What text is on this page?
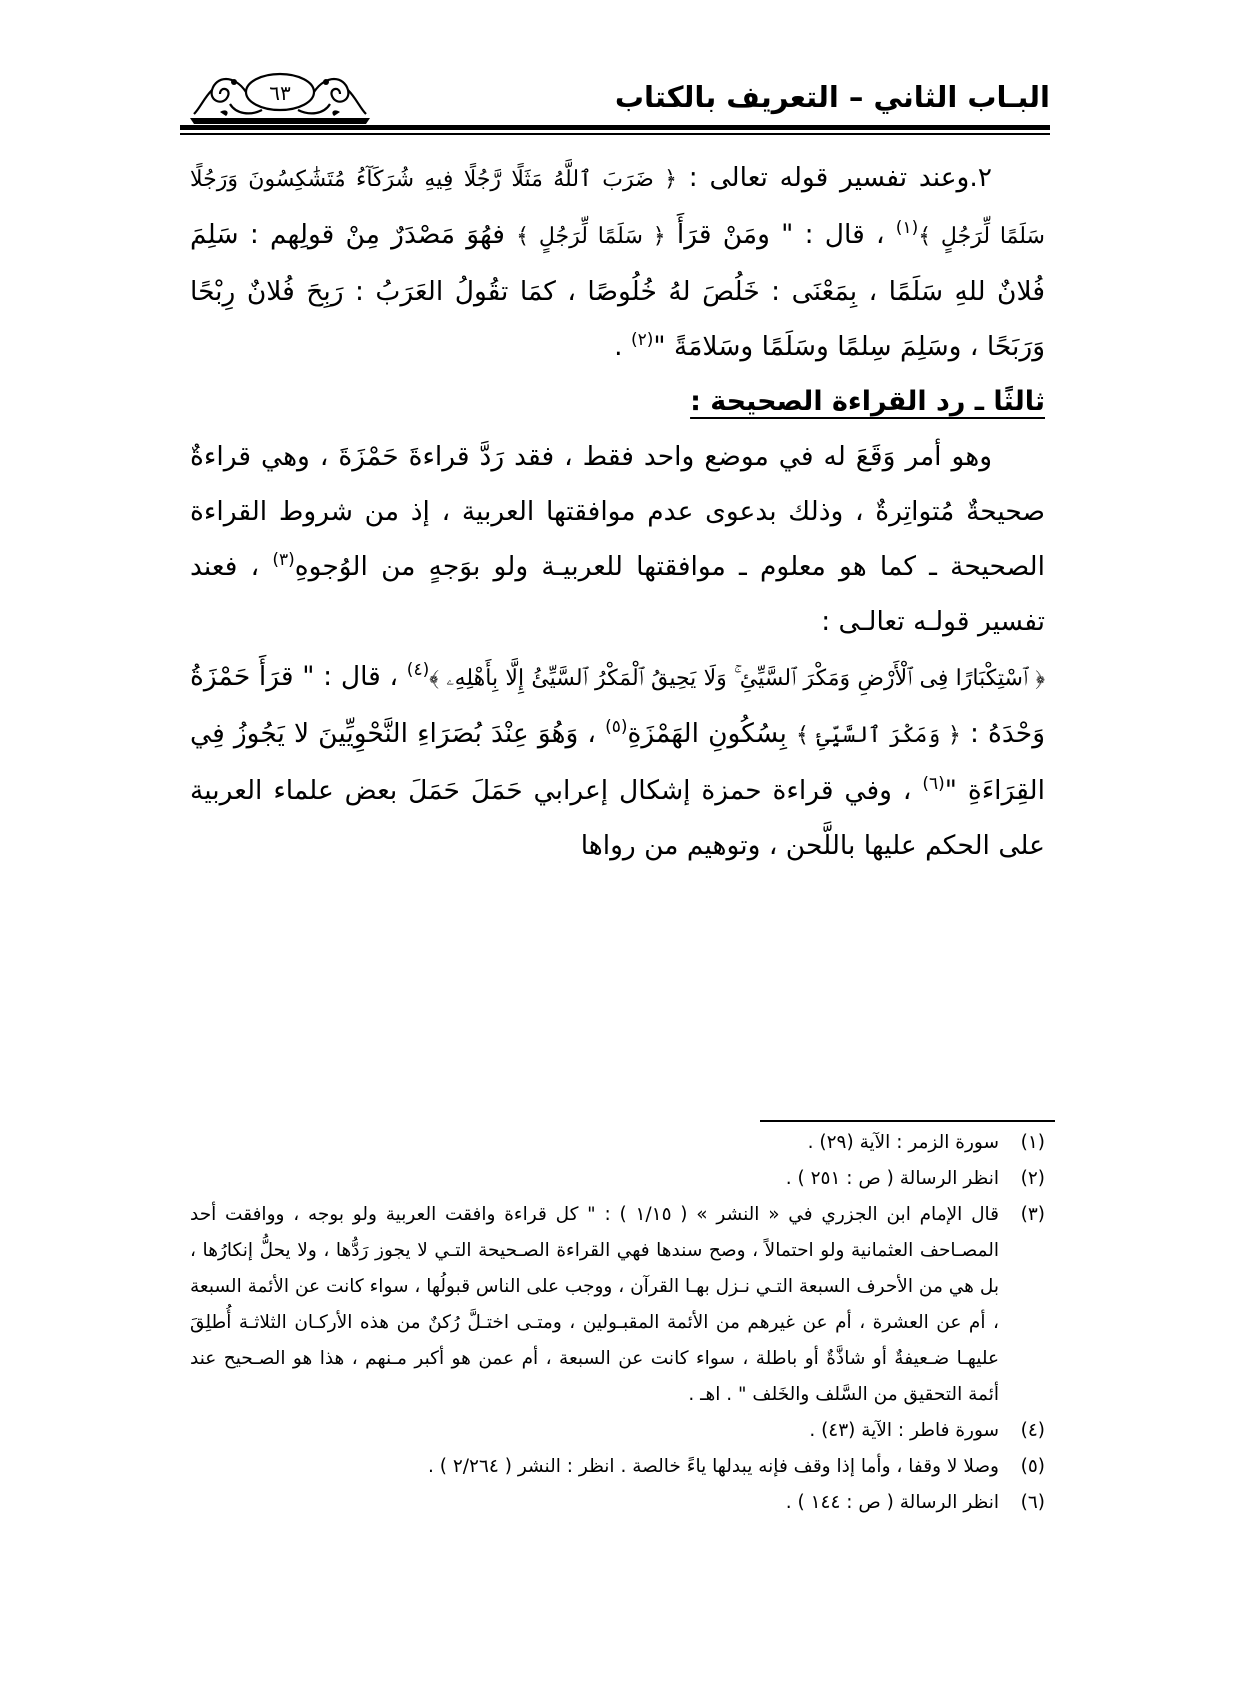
البـاب الثاني – التعريف بالكتاب
٦٣

  ٢.وعند تفسير قوله تعالى : ﴿ ضَرَبَ ٱللَّهُ مَثَلًا رَّجُلًا فِيهِ شُرَكَآءُ مُتَشَٰكِسُونَ وَرَجُلًا سَلَمًا لِّرَجُلٍ ﴾$^{(١)}$ ، قال : " ومَنْ قرَأَ ﴿ سَلَمًا لِّرَجُلٍ ﴾ فهُوَ مَصْدَرٌ مِنْ قولِهم : سَلِمَ فُلانٌ للهِ سَلَمًا ، بِمَعْنَى : خَلُصَ لهُ خُلُوصًا ، كمَا تقُولُ العَرَبُ : رَبِحَ فُلانٌ رِبْحًا وَرَبَحًا ، وسَلِمَ سِلمًا وسَلَمًا وسَلامَةً "$^{(٢)}$ .

ثالثًا ـ رد القراءة الصحيحة :

  وهو أمر وَقَعَ له في موضع واحد فقط ، فقد رَدَّ قراءةَ حَمْزَةَ ، وهي قراءةٌ صحيحةٌ مُتواتِرةٌ ، وذلك بدعوى عدم موافقتها العربية ، إذ من شروط القراءة الصحيحة ـ كما هو معلوم ـ موافقتها للعربيـة ولو بوَجهٍ من الوُجوهِ$^{(٣)}$ ، فعند تفسير قولـه تعالـى :

﴿ ٱسْتِكْبَارًا فِى ٱلْأَرْضِ وَمَكْرَ ٱلسَّيِّئِ ۚ وَلَا يَحِيقُ ٱلْمَكْرُ ٱلسَّيِّئُ إِلَّا بِأَهْلِهِۦ ﴾$^{(٤)}$ ، قال : " قرَأَ حَمْزَةُ وَحْدَهُ : ﴿ وَمَكْرَ ٱلسَّيِّئِ ﴾ بِسُكُونِ الهَمْزَةِ$^{(٥)}$ ، وَهُوَ عِنْدَ بُصَرَاءِ النَّحْوِيِّينَ لا يَجُوزُ فِي القِرَاءَةِ "$^{(٦)}$ ، وفي قراءة حمزة إشكال إعرابي حَمَلَ حَمَلَ بعض علماء العربية على الحكم عليها باللَّحن ، وتوهيم من رواها

(١)
سورة الزمر : الآية (٢٩) .
(٢)
انظر الرسالة ( ص : ٢٥١ ) .
(٣)
قال الإمام ابن الجزري في « النشر » ( ١/١٥ ) : " كل قراءة وافقت العربية ولو بوجه ، ووافقت أحد المصـاحف العثمانية ولو احتمالاً ، وصح سندها فهي القراءة الصـحيحة التـي لا يجوز رَدُّها ، ولا يحلُّ إنكارُها ، بل هي من الأحرف السبعة التـي نـزل بهـا القرآن ، ووجب على الناس قبولُها ، سواء كانت عن الأئمة السبعة ، أم عن العشرة ، أم عن غيرهم من الأئمة المقبـولين ، ومتـى اختـلَّ رُكنٌ من هذه الأركـان الثلاثـة أُطلِقَ عليهـا ضـعيفةٌ أو شاذَّةٌ أو باطلة ، سواء كانت عن السبعة ، أم عمن هو أكبر مـنهم ، هذا هو الصـحيح عند أئمة التحقيق من السَّلف والخَلف " . اهـ .
(٤)
سورة فاطر : الآية (٤٣) .
(٥)
وصلا لا وقفا ، وأما إذا وقف فإنه يبدلها ياءً خالصة . انظر : النشر ( ٢/٢٦٤ ) .
(٦)
انظر الرسالة ( ص : ١٤٤ ) .
